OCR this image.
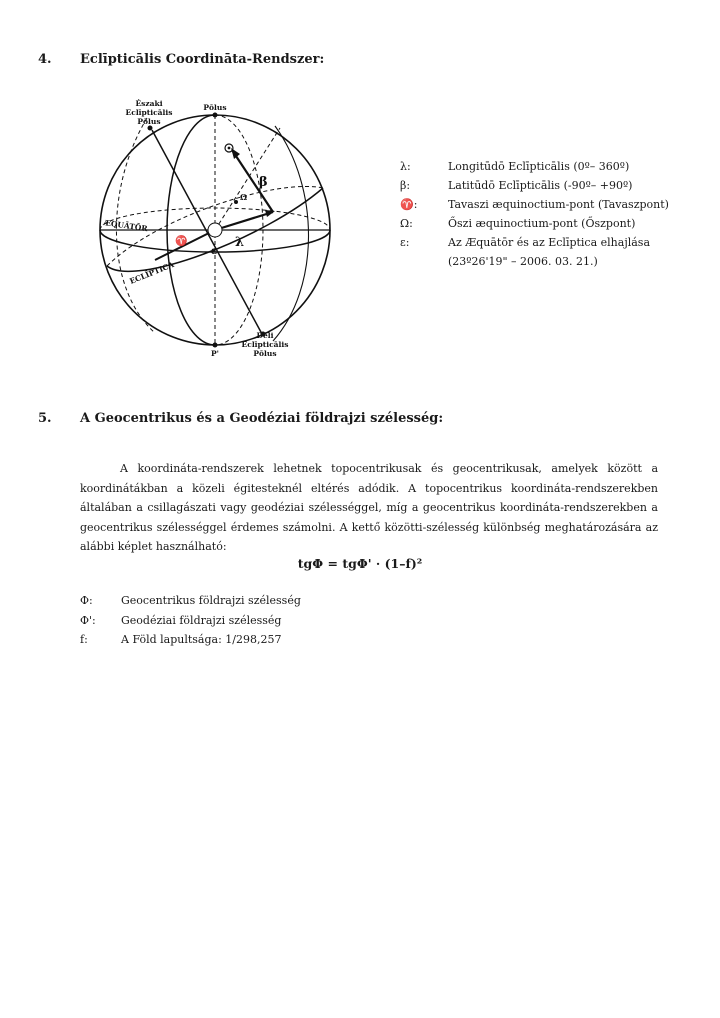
4. Eclīpticālis Coordināta-Rendszer:
Északi
Eclīpticālis
Pōlus
Pōlus
Déli
Eclīpticālis
Pōlus
P'
ÆQUĀTŌR
ECLĪPTICA
β
λ
ε
♈
Ω
λ:	Longitūdō Eclīpticālis (0º– 360º)
β:	Latitūdō Eclīpticālis (-90º– +90º)
♈:	Tavaszi æquinoctium-pont (Tavaszpont)
Ω:	Őszi æquinoctium-pont (Őszpont)
ε:	Az Æquātōr és az Eclīptica elhajlása
(23º26'19" – 2006. 03. 21.)
5. A Geocentrikus és a Geodéziai földrajzi szélesség:

A koordináta-rendszerek lehetnek topocentrikusak és geocentrikusak, amelyek között a koordinátákban a közeli égitesteknél eltérés adódik. A topocentrikus koordináta-rendszerekben általában a csillagászati vagy geodéziai szélességgel, míg a geocentrikus koordináta-rendszerekben a geocentrikus szélességgel érdemes számolni. A kettő közötti-szélesség különbség meghatározására az alábbi képlet használható:

tgΦ = tgΦ' · (1–f)²
Φ:	Geocentrikus földrajzi szélesség
Φ': Geodéziai földrajzi szélesség
f:	A Föld lapultsága: 1/298,257
